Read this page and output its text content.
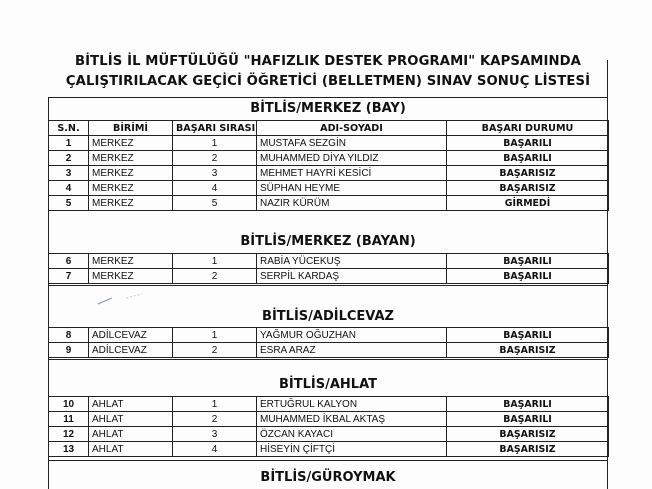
BİTLİS İL MÜFTÜLÜĞÜ "HAFIZLIK DESTEK PROGRAMI" KAPSAMINDA
ÇALIŞTIRILACAK GEÇİCİ ÖĞRETİCİ (BELLETMEN) SINAV SONUÇ LİSTESİ
BİTLİS/MERKEZ (BAY)
S.N.	BİRİMİ	BAŞARI SIRASI	ADI-SOYADI	BAŞARI DURUMU
1	MERKEZ	1	MUSTAFA SEZGİN	BAŞARILI
2	MERKEZ	2	MUHAMMED DİYA YILDIZ	BAŞARILI
3	MERKEZ	3	MEHMET HAYRİ KESİCİ	BAŞARISIZ
4	MERKEZ	4	SÜPHAN HEYME	BAŞARISIZ
5	MERKEZ	5	NAZIR KÜRÜM	GİRMEDİ
BİTLİS/MERKEZ (BAYAN)
6	MERKEZ	1	RABİA YÜCEKUŞ	BAŞARILI
7	MERKEZ	2	SERPİL KARDAŞ	BAŞARILI
BİTLİS/ADİLCEVAZ
8	ADİLCEVAZ	1	YAĞMUR OĞUZHAN	BAŞARILI
9	ADİLCEVAZ	2	ESRA ARAZ	BAŞARISIZ
BİTLİS/AHLAT
10	AHLAT	1	ERTUĞRUL KALYON	BAŞARILI
11	AHLAT	2	MUHAMMED İKBAL AKTAŞ	BAŞARILI
12	AHLAT	3	ÖZCAN KAYACI	BAŞARISIZ
13	AHLAT	4	HİSEYİN ÇİFTÇİ	BAŞARISIZ
BİTLİS/GÜROYMAK
